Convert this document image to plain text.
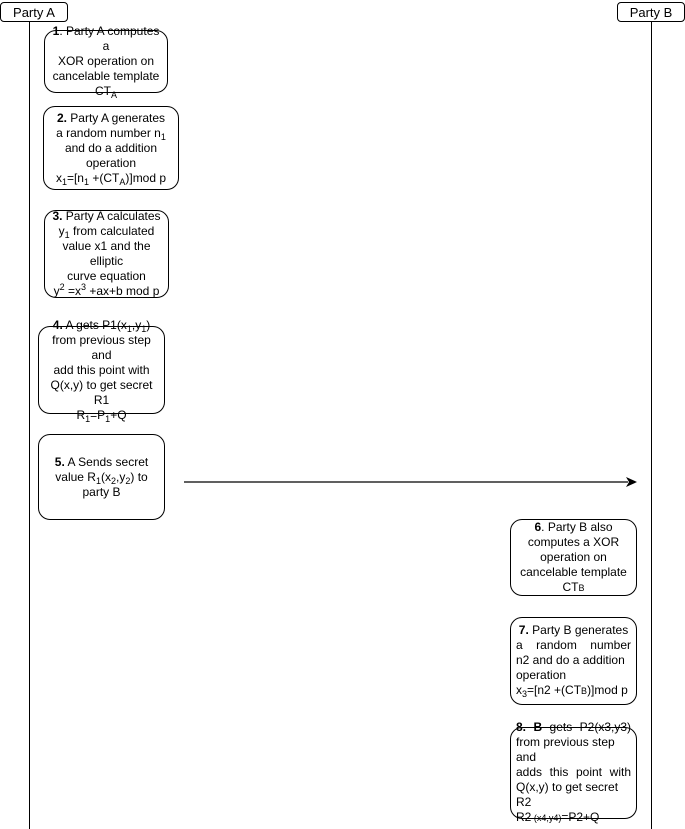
Party A	Party B
1. Party A computes a
XOR operation on
cancelable template
$CT_A$
2. Party A generates
a random number $n_1$
and do a addition
operation
$x_1=[n_1 +(CT_A)]mod$ p
3. Party A calculates
$y_1$ from calculated
value x1 and the elliptic
curve equation
$y^2 =x^3 +ax+b$ mod p
4. A gets $P1(x_1,y_1)$
from previous step and
add this point with
Q(x,y) to get secret R1
$R_1=P_1+Q$
5. A Sends secret
value $R_1(x_2,y_2)$ to
party B
6. Party B also
computes a XOR
operation on
cancelable template
CTB
7. Party B generates
a random number
n2 and do a addition
operation
$x_3=[n2 +(CTB)]mod$ p
8. B gets P2(x3,y3)
from previous step and
adds this point with
Q(x,y) to get secret R2
R2 (x4,y4)=P2+Q
